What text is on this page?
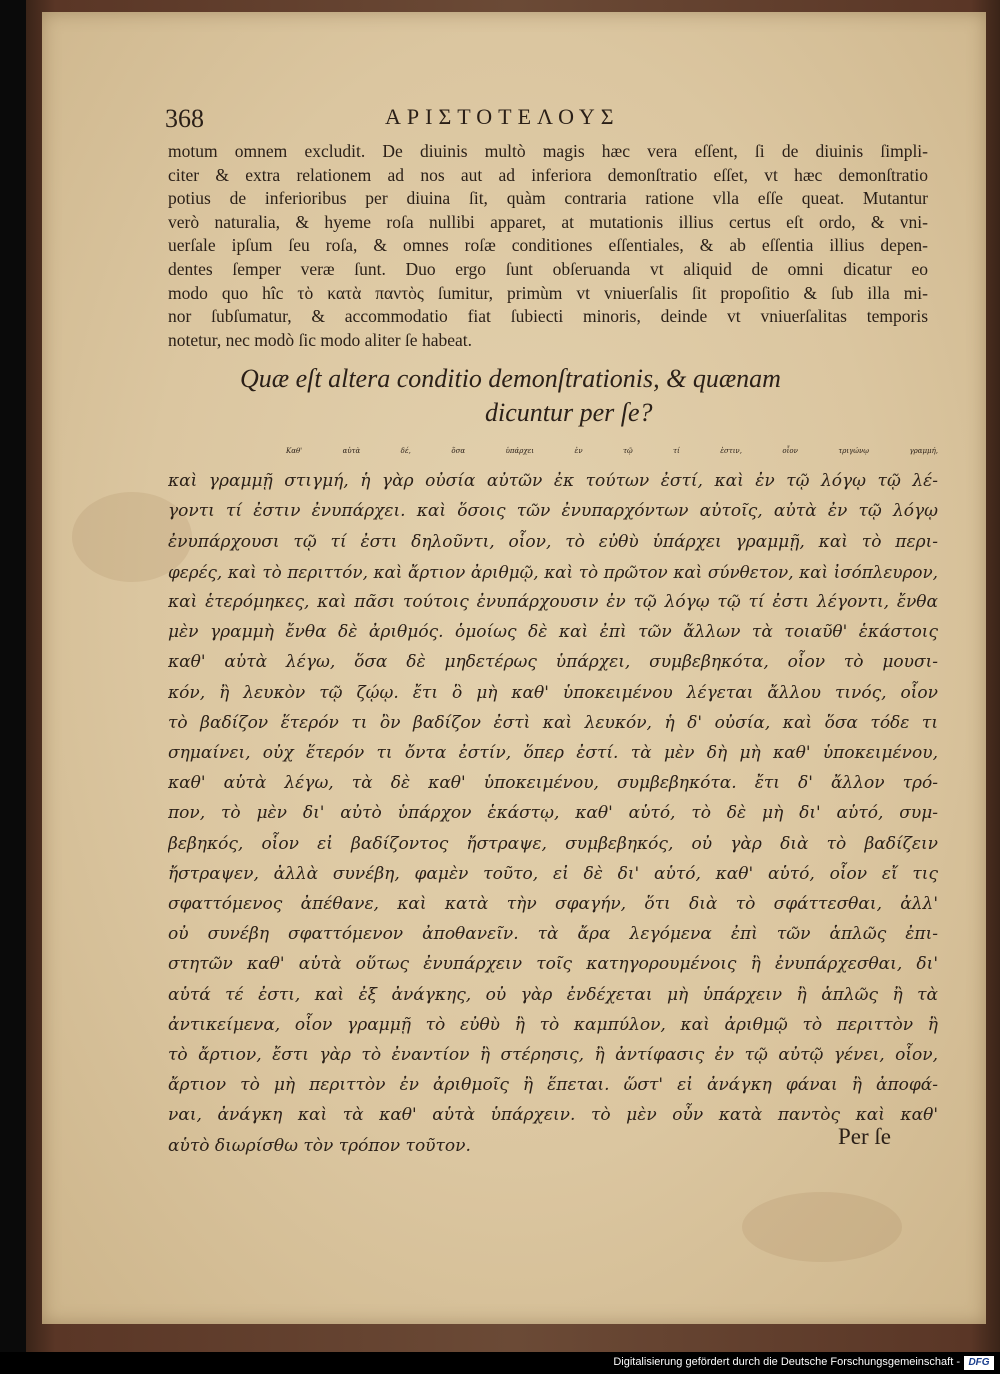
368	ΑΡΙΣΤΟΤΕΛΟΥΣ
motum omnem excludit. De diuinis multò magis hæc vera eſſent, ſi de diuinis ſimpli-
citer & extra relationem ad nos aut ad inferiora demonſtratio eſſet, vt hæc demonſtratio
potius de inferioribus per diuina ſit, quàm contraria ratione vlla eſſe queat. Mutantur
verò naturalia, & hyeme roſa nullibi apparet, at mutationis illius certus eſt ordo, & vni-
uerſale ipſum ſeu roſa, & omnes roſæ conditiones eſſentiales, & ab eſſentia illius depen-
dentes ſemper veræ ſunt. Duo ergo ſunt obſeruanda vt aliquid de omni dicatur eo
modo quo hîc τὸ κατὰ παντὸς ſumitur, primùm vt vniuerſalis ſit propoſitio & ſub illa mi-
nor ſubſumatur, & accommodatio fiat ſubiecti minoris, deinde vt vniuerſalitas temporis
notetur, nec modò ſic modo aliter ſe habeat.
Quæ eſt altera conditio demonſtrationis, & quænam
dicuntur per ſe?
Καθ' αὑτὰ δέ, ὅσα ὑπάρχει ἐν τῷ τί ἐστιν, οἷον τριγώνῳ γραμμή,
καὶ γραμμῇ στιγμή, ἡ γὰρ οὐσία αὐτῶν ἐκ τούτων ἐστί, καὶ ἐν τῷ λόγῳ τῷ λέ-
γοντι τί ἐστιν ἐνυπάρχει. καὶ ὅσοις τῶν ἐνυπαρχόντων αὐτοῖς, αὐτὰ ἐν τῷ λόγῳ
ἐνυπάρχουσι τῷ τί ἐστι δηλοῦντι, οἷον, τὸ εὐθὺ ὑπάρχει γραμμῇ, καὶ τὸ περι-
φερές, καὶ τὸ περιττόν, καὶ ἄρτιον ἀριθμῷ, καὶ τὸ πρῶτον καὶ σύνθετον, καὶ ἰσόπλευρον,
καὶ ἑτερόμηκες, καὶ πᾶσι τούτοις ἐνυπάρχουσιν ἐν τῷ λόγῳ τῷ τί ἐστι λέγοντι, ἔνθα
μὲν γραμμὴ ἔνθα δὲ ἀριθμός. ὁμοίως δὲ καὶ ἐπὶ τῶν ἄλλων τὰ τοιαῦθ' ἑκάστοις
καθ' αὑτὰ λέγω, ὅσα δὲ μηδετέρως ὑπάρχει, συμβεβηκότα, οἷον τὸ μουσι-
κόν, ἢ λευκὸν τῷ ζῴῳ. ἔτι ὃ μὴ καθ' ὑποκειμένου λέγεται ἄλλου τινός, οἷον
τὸ βαδίζον ἕτερόν τι ὂν βαδίζον ἐστὶ καὶ λευκόν, ἡ δ' οὐσία, καὶ ὅσα τόδε τι
σημαίνει, οὐχ ἕτερόν τι ὄντα ἐστίν, ὅπερ ἐστί. τὰ μὲν δὴ μὴ καθ' ὑποκειμένου,
καθ' αὑτὰ λέγω, τὰ δὲ καθ' ὑποκειμένου, συμβεβηκότα. ἔτι δ' ἄλλον τρό-
πον, τὸ μὲν δι' αὐτὸ ὑπάρχον ἑκάστῳ, καθ' αὑτό, τὸ δὲ μὴ δι' αὑτό, συμ-
βεβηκός, οἷον εἰ βαδίζοντος ἤστραψε, συμβεβηκός, οὐ γὰρ διὰ τὸ βαδίζειν
ἤστραψεν, ἀλλὰ συνέβη, φαμὲν τοῦτο, εἰ δὲ δι' αὑτό, καθ' αὑτό, οἷον εἴ τις
σφαττόμενος ἀπέθανε, καὶ κατὰ τὴν σφαγήν, ὅτι διὰ τὸ σφάττεσθαι, ἀλλ'
οὐ συνέβη σφαττόμενον ἀποθανεῖν. τὰ ἄρα λεγόμενα ἐπὶ τῶν ἁπλῶς ἐπι-
στητῶν καθ' αὑτὰ οὕτως ἐνυπάρχειν τοῖς κατηγορουμένοις ἢ ἐνυπάρχεσθαι, δι'
αὑτά τέ ἐστι, καὶ ἐξ ἀνάγκης, οὐ γὰρ ἐνδέχεται μὴ ὑπάρχειν ἢ ἁπλῶς ἢ τὰ
ἀντικείμενα, οἷον γραμμῇ τὸ εὐθὺ ἢ τὸ καμπύλον, καὶ ἀριθμῷ τὸ περιττὸν ἢ
τὸ ἄρτιον, ἔστι γὰρ τὸ ἐναντίον ἢ στέρησις, ἢ ἀντίφασις ἐν τῷ αὐτῷ γένει, οἷον,
ἄρτιον τὸ μὴ περιττὸν ἐν ἀριθμοῖς ἢ ἕπεται. ὥστ' εἰ ἀνάγκη φάναι ἢ ἀποφά-
ναι, ἀνάγκη καὶ τὰ καθ' αὑτὰ ὑπάρχειν. τὸ μὲν οὖν κατὰ παντὸς καὶ καθ'
αὑτὸ διωρίσθω τὸν τρόπον τοῦτον.	Per ſe
Digitalisierung gefördert durch die Deutsche Forschungsgemeinschaft - DFG
